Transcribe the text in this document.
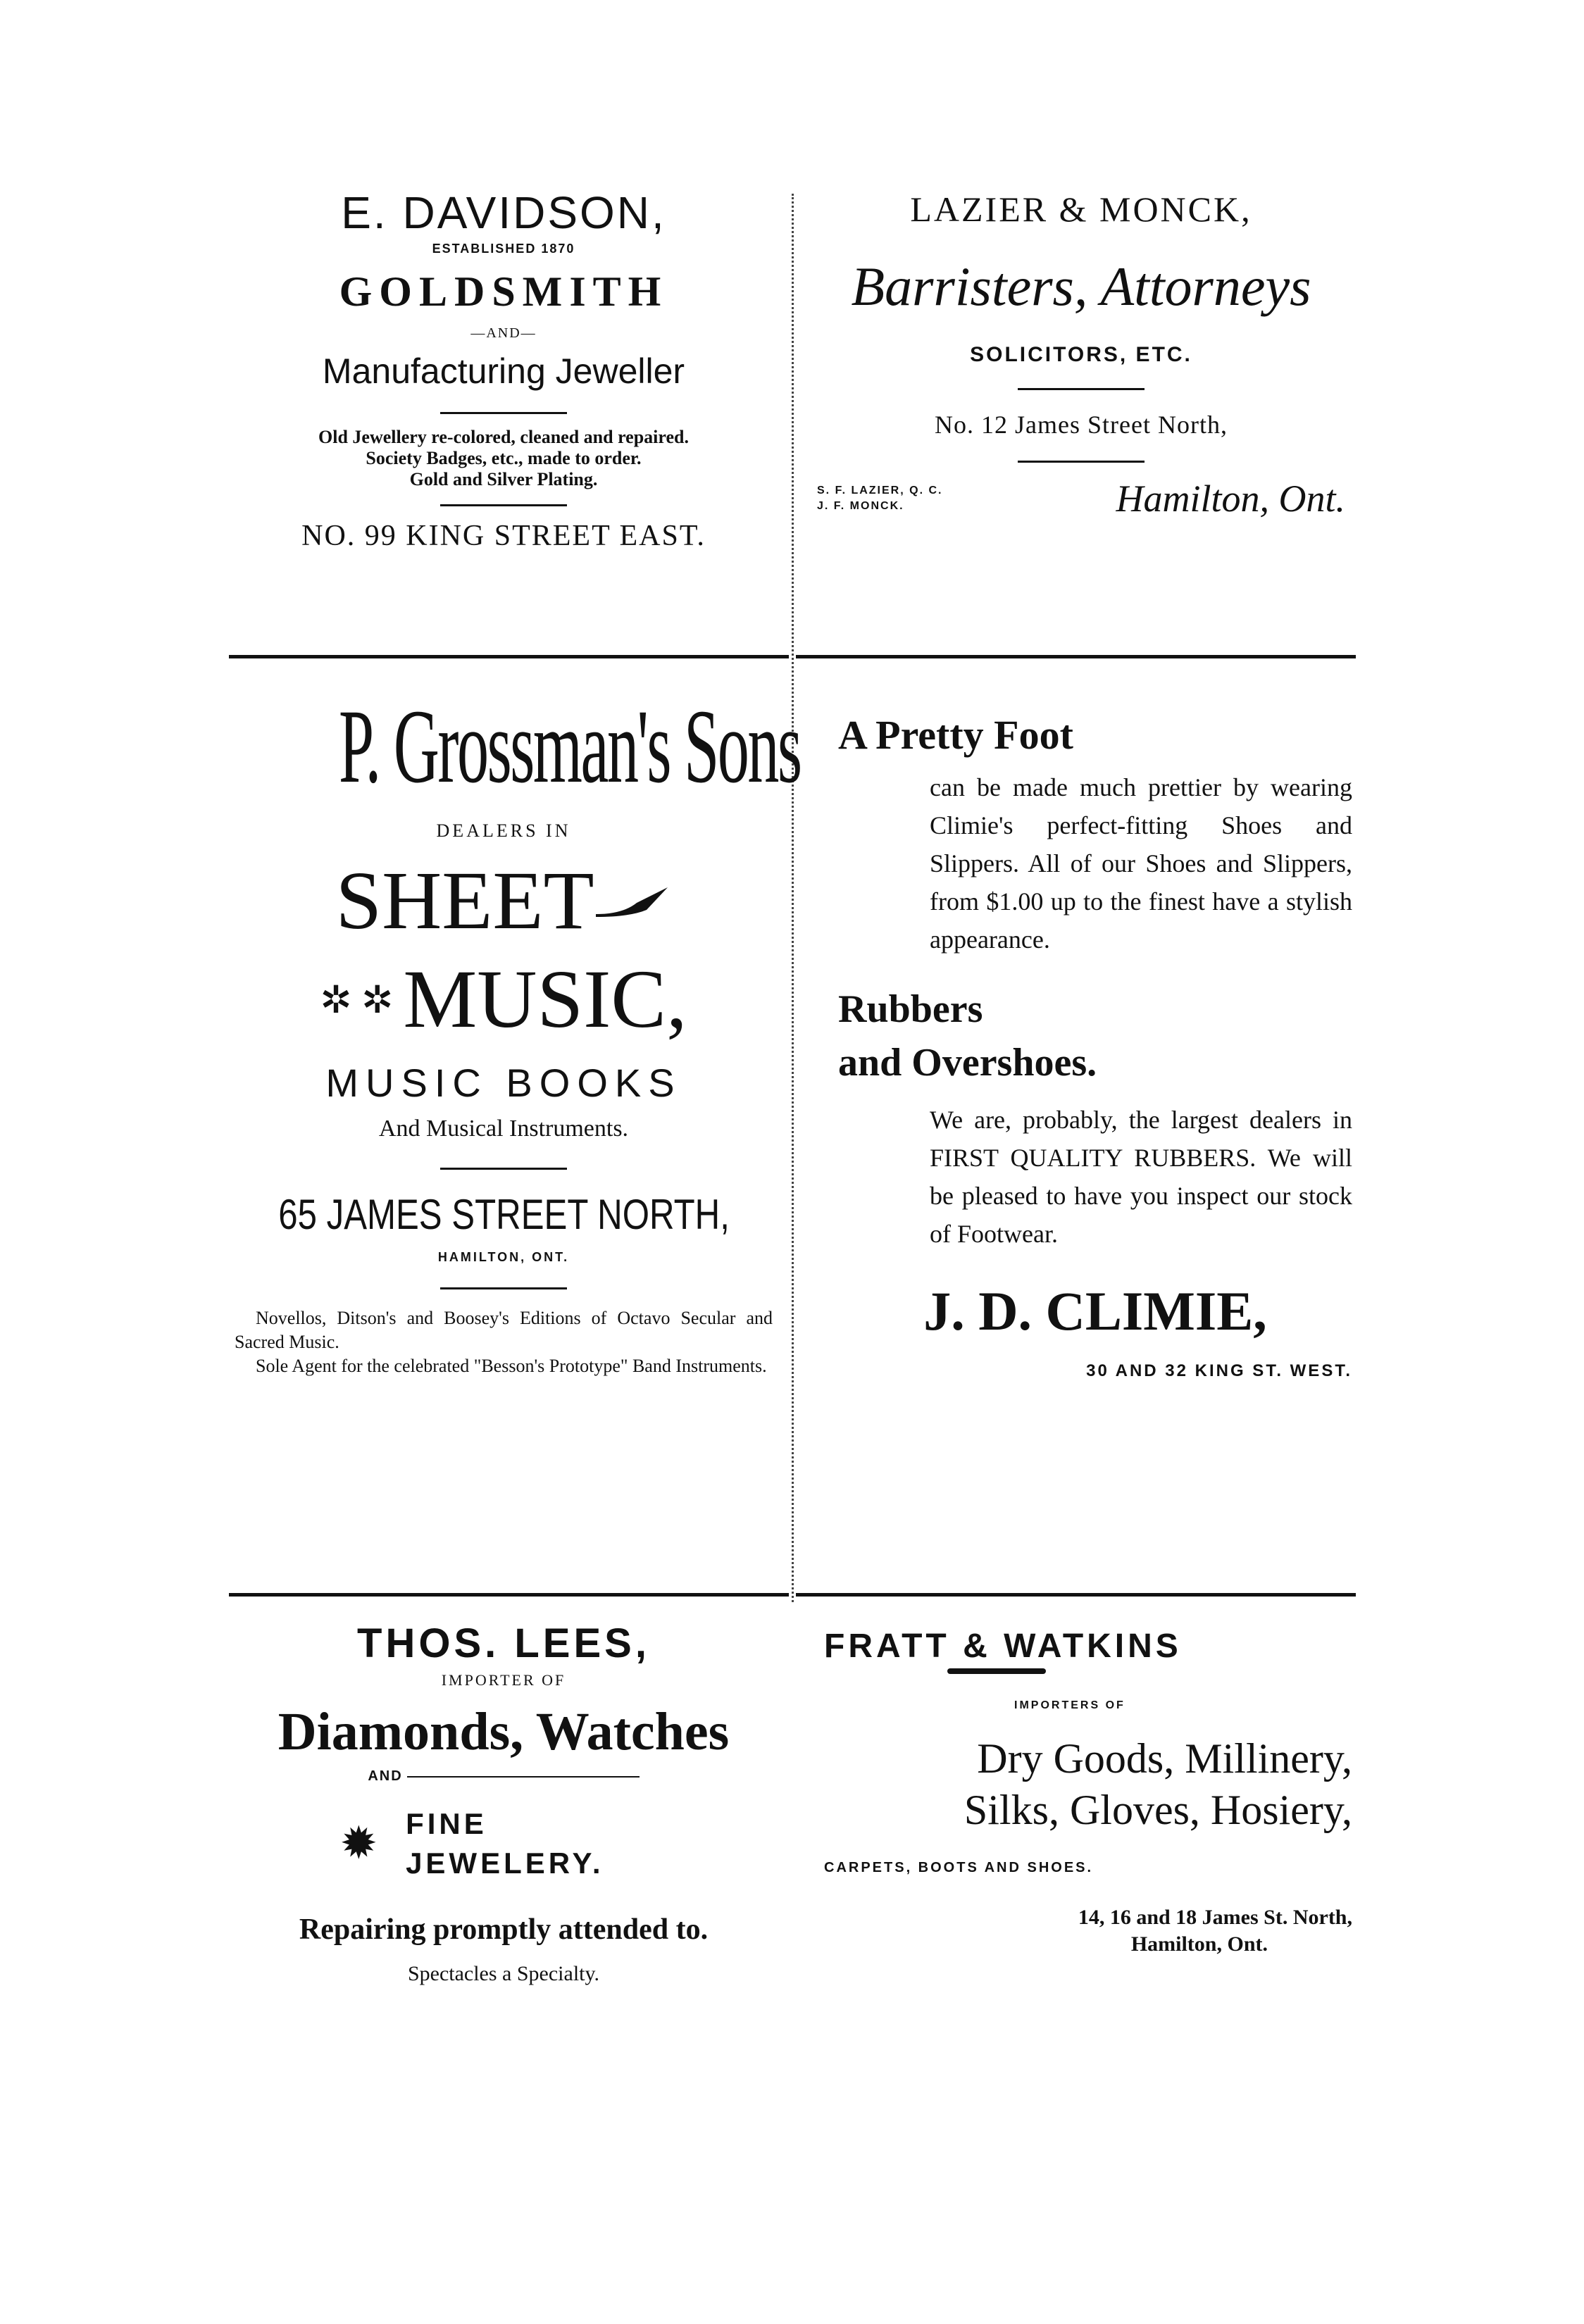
E. DAVIDSON,
ESTABLISHED 1870
GOLDSMITH
—AND—
Manufacturing Jeweller
Old Jewellery re-colored, cleaned and repaired.
Society Badges, etc., made to order.
Gold and Silver Plating.
NO. 99 KING STREET EAST.
LAZIER & MONCK,
Barristers, Attorneys
SOLICITORS, ETC.
No. 12 James Street North,
S. F. LAZIER, Q. C.
J. F. MONCK.	Hamilton, Ont.
P. Grossman's Sons
DEALERS IN
SHEET
✲ ✲ MUSIC,
MUSIC BOOKS
And Musical Instruments.
65 JAMES STREET NORTH,
HAMILTON, ONT.
Novellos, Ditson's and Boosey's Editions of Octavo Secular and Sacred Music.
Sole Agent for the celebrated "Besson's Prototype" Band Instruments.
A Pretty Foot
can be made much prettier by wearing Climie's perfect-fitting Shoes and Slippers. All of our Shoes and Slippers, from $1.00 up to the finest have a stylish appearance.
Rubbers
and Overshoes.
We are, probably, the largest dealers in FIRST QUALITY RUBBERS. We will be pleased to have you inspect our stock of Footwear.
J. D. CLIMIE,
30 AND 32 KING ST. WEST.
THOS. LEES,
IMPORTER OF
Diamonds, Watches
AND
✹ FINE
JEWELERY.
Repairing promptly attended to.
Spectacles a Specialty.
FRATT & WATKINS
IMPORTERS OF
Dry Goods, Millinery,
Silks, Gloves, Hosiery,
CARPETS, BOOTS AND SHOES.
14, 16 and 18 James St. North,
Hamilton, Ont.
